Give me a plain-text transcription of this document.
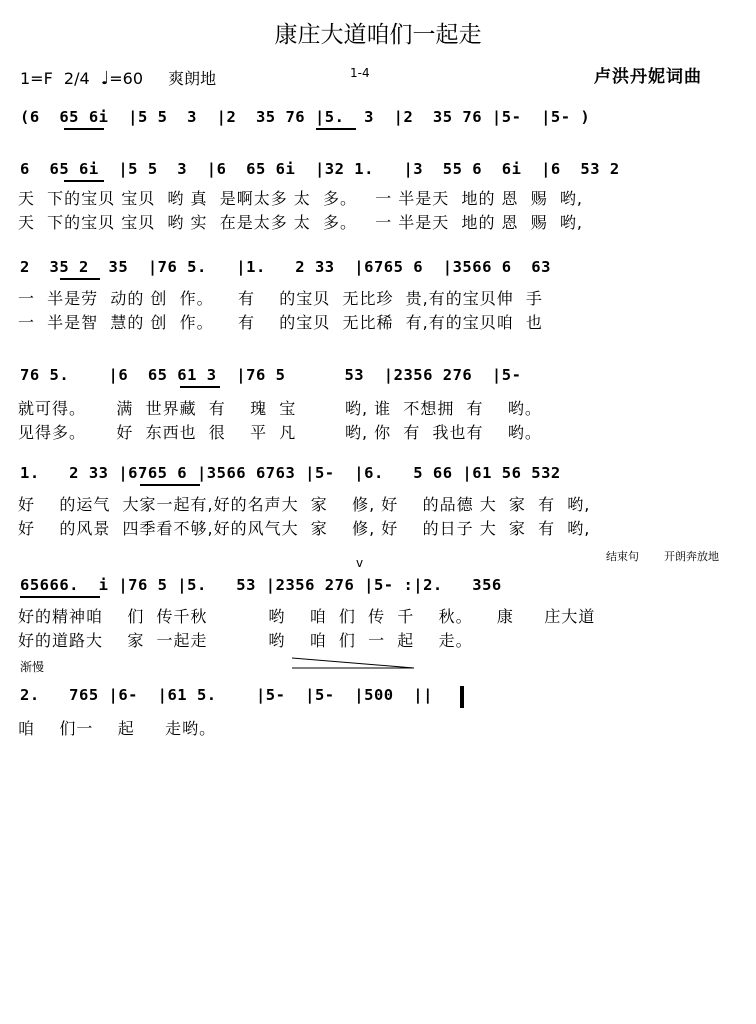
康庄大道咱们一起走
1=F 2/4 ♩=60 爽朗地	1-4	卢洪丹妮词曲
(6  65 6i  |5 5  3  |2  35 76 |5.  3  |2  35 76 |5-  |5- )
6  65 6i  |5 5  3  |6  65 6i  |32 1.   |3  55 6  6i  |6  53 2
天  下的宝贝 宝贝  哟 真  是啊太多 太  多。   一 半是天  地的 恩  赐  哟,
天  下的宝贝 宝贝  哟 实  在是太多 太  多。   一 半是天  地的 恩  赐  哟,
2  35 2  35  |76 5.   |1.   2 33  |6765 6  |3566 6  63
一  半是劳  动的 创  作。    有    的宝贝  无比珍  贵,有的宝贝伸  手
一  半是智  慧的 创  作。    有    的宝贝  无比稀  有,有的宝贝咱  也
76 5.    |6  65 61 3  |76 5      53  |2356 276  |5-
就可得。     满  世界藏  有    瑰  宝        哟, 谁  不想拥  有    哟。
见得多。     好  东西也  很    平  凡        哟, 你  有  我也有    哟。
1.   2 33 |6765 6 |3566 6763 |5-  |6.   5 66 |61 56 532
好    的运气  大家一起有,好的名声大  家    修, 好    的品德 大  家  有  哟,
好    的风景  四季看不够,好的风气大  家    修, 好    的日子 大  家  有  哟,
结束句 开朗奔放地
v
65666.  i |76 5 |5.   53 |2356 276 |5- :|2.   356
好的精神咱    们  传千秋          哟    咱  们  传  千    秋。    康     庄大道
好的道路大    家  一起走          哟    咱  们  一  起    走。
渐慢
2.   765 |6-  |61 5.    |5-  |5-  |500  ||
咱    们一    起     走哟。
